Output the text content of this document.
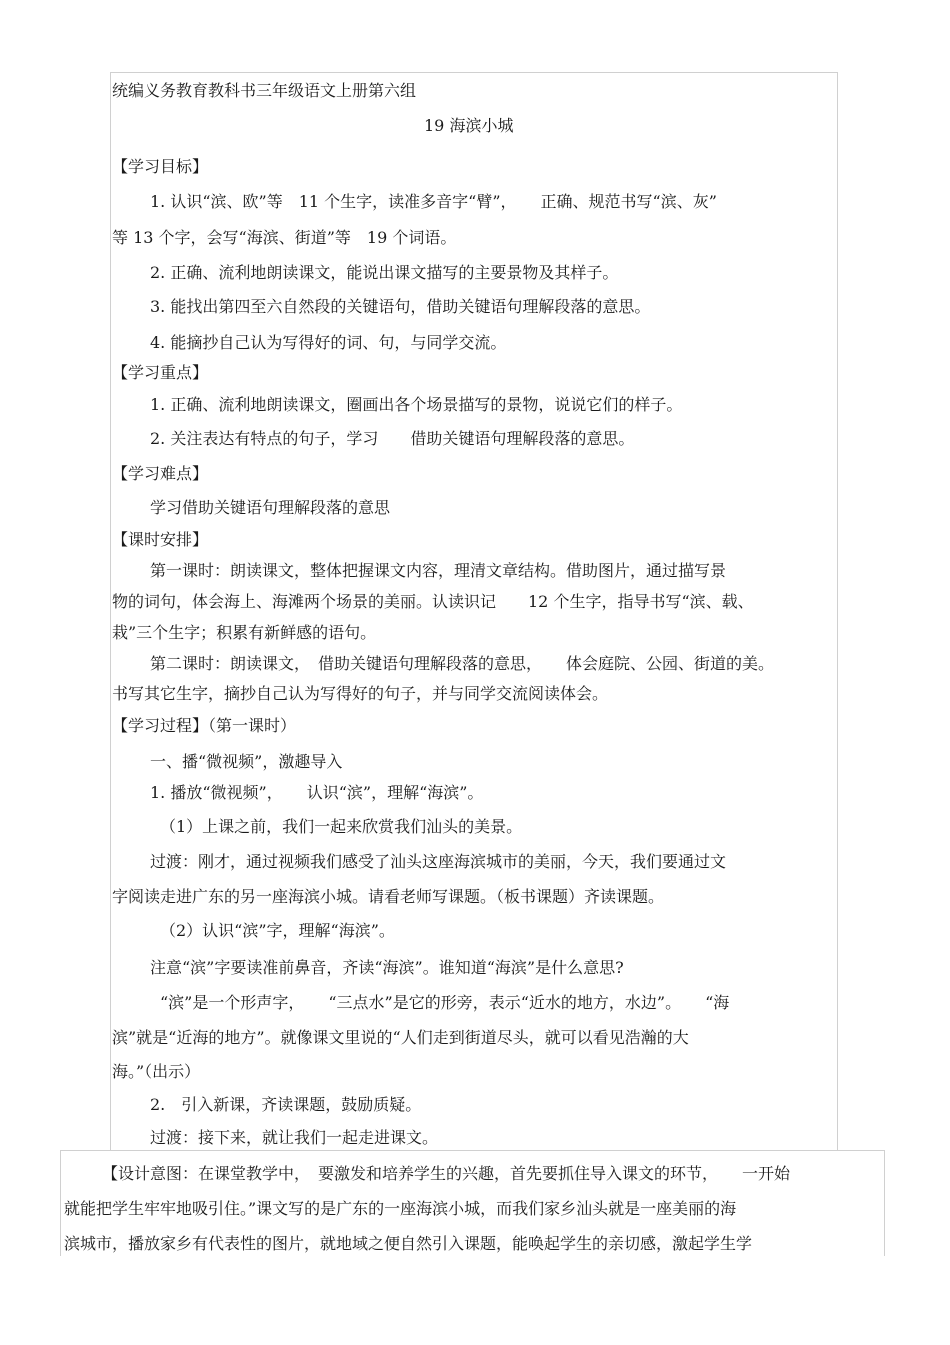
统编义务教育教科书三年级语文上册第六组
19 海滨小城
【学习目标】
1. 认识“滨、欧”等　11 个生字，读准多音字“臂”，　　正确、规范书写“滨、灰”
等 13 个字，会写“海滨、街道”等　19 个词语。
2. 正确、流利地朗读课文，能说出课文描写的主要景物及其样子。
3. 能找出第四至六自然段的关键语句，借助关键语句理解段落的意思。
4. 能摘抄自己认为写得好的词、句，与同学交流。
【学习重点】
1. 正确、流利地朗读课文，圈画出各个场景描写的景物，说说它们的样子。
2. 关注表达有特点的句子，学习　　借助关键语句理解段落的意思。
【学习难点】
学习借助关键语句理解段落的意思
【课时安排】
第一课时：朗读课文，整体把握课文内容，理清文章结构。借助图片，通过描写景
物的词句，体会海上、海滩两个场景的美丽。认读识记　　12 个生字，指导书写“滨、载、
栽”三个生字；积累有新鲜感的语句。
第二课时：朗读课文，　借助关键语句理解段落的意思，　　体会庭院、公园、街道的美。
书写其它生字，摘抄自己认为写得好的句子，并与同学交流阅读体会。
【学习过程】（第一课时）
一、播“微视频”，激趣导入
1. 播放“微视频”，　　认识“滨”，理解“海滨”。
（1）上课之前，我们一起来欣赏我们汕头的美景。
过渡：刚才，通过视频我们感受了汕头这座海滨城市的美丽，今天，我们要通过文
字阅读走进广东的另一座海滨小城。请看老师写课题。（板书课题）齐读课题。
（2）认识“滨”字，理解“海滨”。
注意“滨”字要读准前鼻音，齐读“海滨”。谁知道“海滨”是什么意思?
“滨”是一个形声字，　　“三点水”是它的形旁，表示“近水的地方，水边”。　　“海
滨”就是“近海的地方”。就像课文里说的“人们走到街道尽头，就可以看见浩瀚的大
海。”（出示）
2.　引入新课，齐读课题，鼓励质疑。
过渡：接下来，就让我们一起走进课文。
【设计意图：在课堂教学中，　要激发和培养学生的兴趣，首先要抓住导入课文的环节，　　一开始
就能把学生牢牢地吸引住。”课文写的是广东的一座海滨小城，而我们家乡汕头就是一座美丽的海
滨城市，播放家乡有代表性的图片，就地域之便自然引入课题，能唤起学生的亲切感，激起学生学
